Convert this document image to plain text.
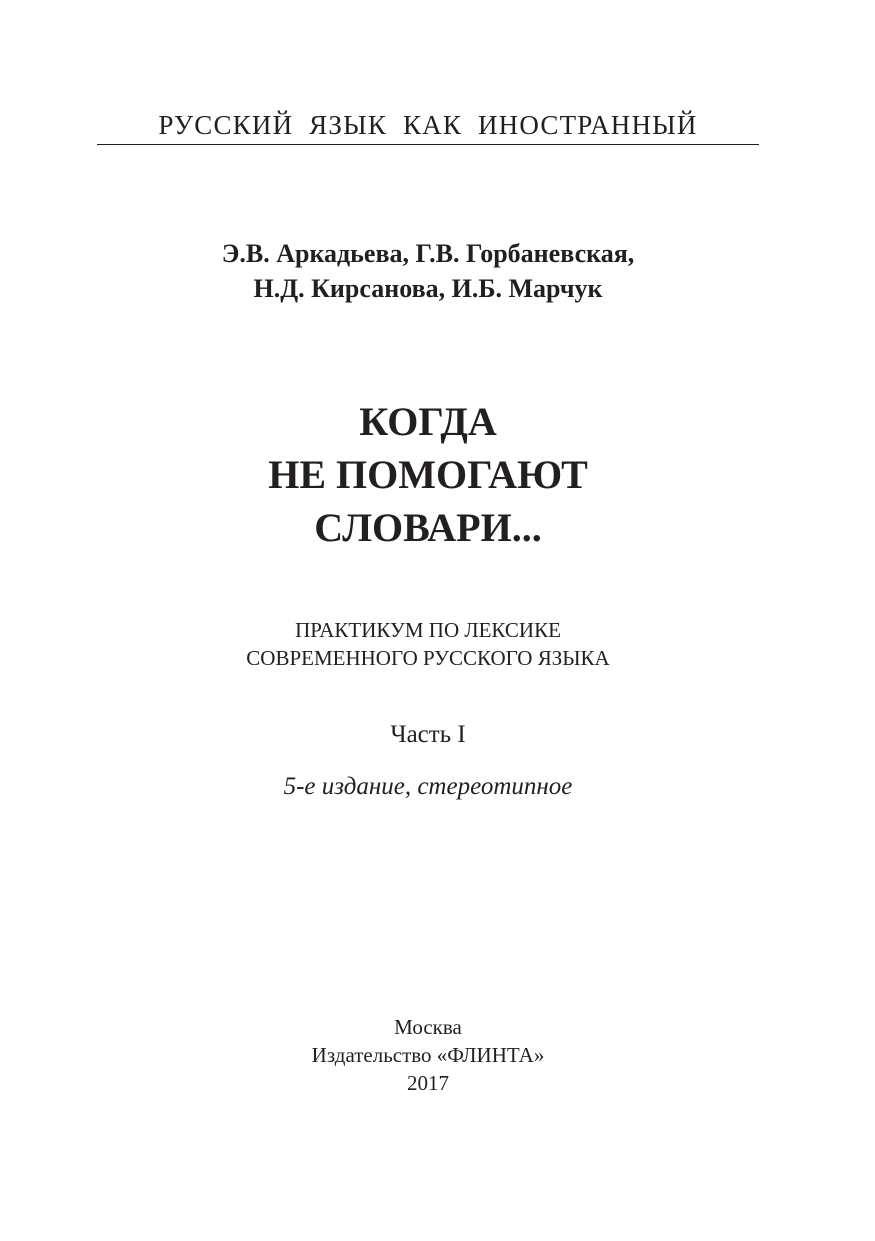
РУССКИЙ  ЯЗЫК  КАК  ИНОСТРАННЫЙ
Э.В. Аркадьева, Г.В. Горбаневская,
Н.Д. Кирсанова, И.Б. Марчук
КОГДА
НЕ ПОМОГАЮТ
СЛОВАРИ...
ПРАКТИКУМ ПО ЛЕКСИКЕ
СОВРЕМЕННОГО РУССКОГО ЯЗЫКА
Часть I
5-е издание, стереотипное
Москва
Издательство «ФЛИНТА»
2017
